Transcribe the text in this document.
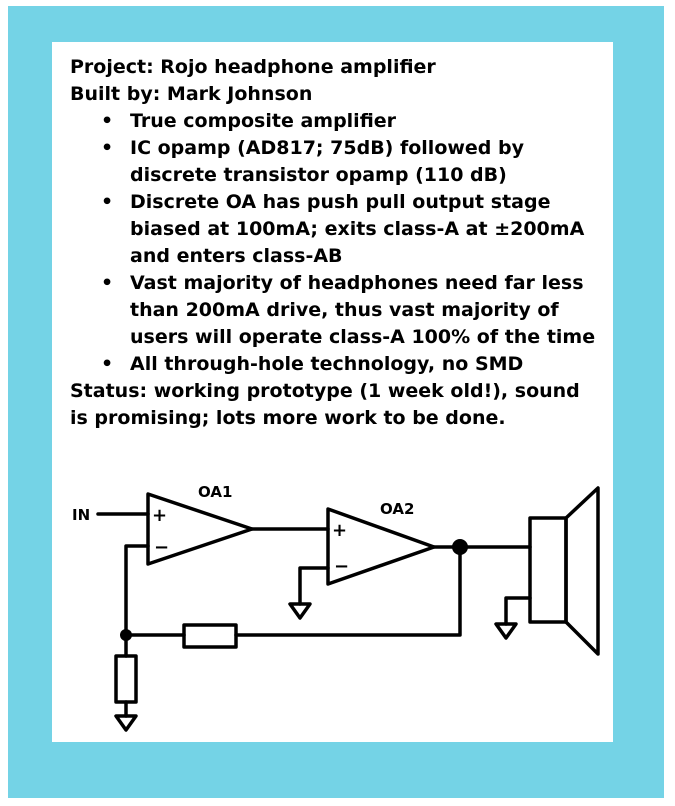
Project: Rojo headphone amplifier
Built by: Mark Johnson
• True composite amplifier
• IC opamp (AD817; 75dB) followed by
discrete transistor opamp (110 dB)
• Discrete OA has push pull output stage
biased at 100mA; exits class-A at ±200mA
and enters class-AB
• Vast majority of headphones need far less
than 200mA drive, thus vast majority of
users will operate class-A 100% of the time
• All through-hole technology, no SMD
Status: working prototype (1 week old!), sound
is promising; lots more work to be done.
IN
OA1
OA2
+
−
+
−
